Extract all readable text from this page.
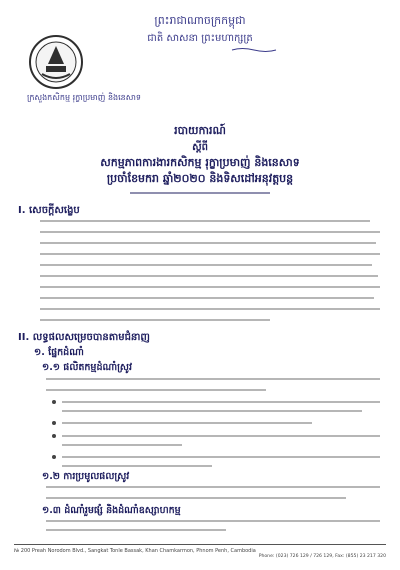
ព្រះរាជាណាចក្រកម្ពុជា
ជាតិ សាសនា ព្រះមហាក្សត្រ
ក្រសួងកសិកម្ម រុក្ខាប្រមាញ់ និងនេសាទ
របាយការណ៍
ស្តីពី
សកម្មភាពការងារកសិកម្ម រុក្ខាប្រមាញ់ និងនេសាទ
ប្រចាំខែមករា ឆ្នាំ២០២០ និងទិសដៅអនុវត្តបន្ត
I. សេចក្តីសង្ខេប
II. លទ្ធផលសម្រេចបានតាមជំនាញ
១. ផ្នែកដំណាំ
១.១ ផលិតកម្មដំណាំស្រូវ
១.២ ការប្រមូលផលស្រូវ
១.៣ ដំណាំរួមផ្សំ និងដំណាំឧស្សាហកម្ម
№ 200 Preah Norodom Blvd., Sangkat Tonle Bassak, Khan Chamkarmon, Phnom Penh, Cambodia
Phone: (023) 726 129 / 726 129, Fax: (855) 23 217 320
